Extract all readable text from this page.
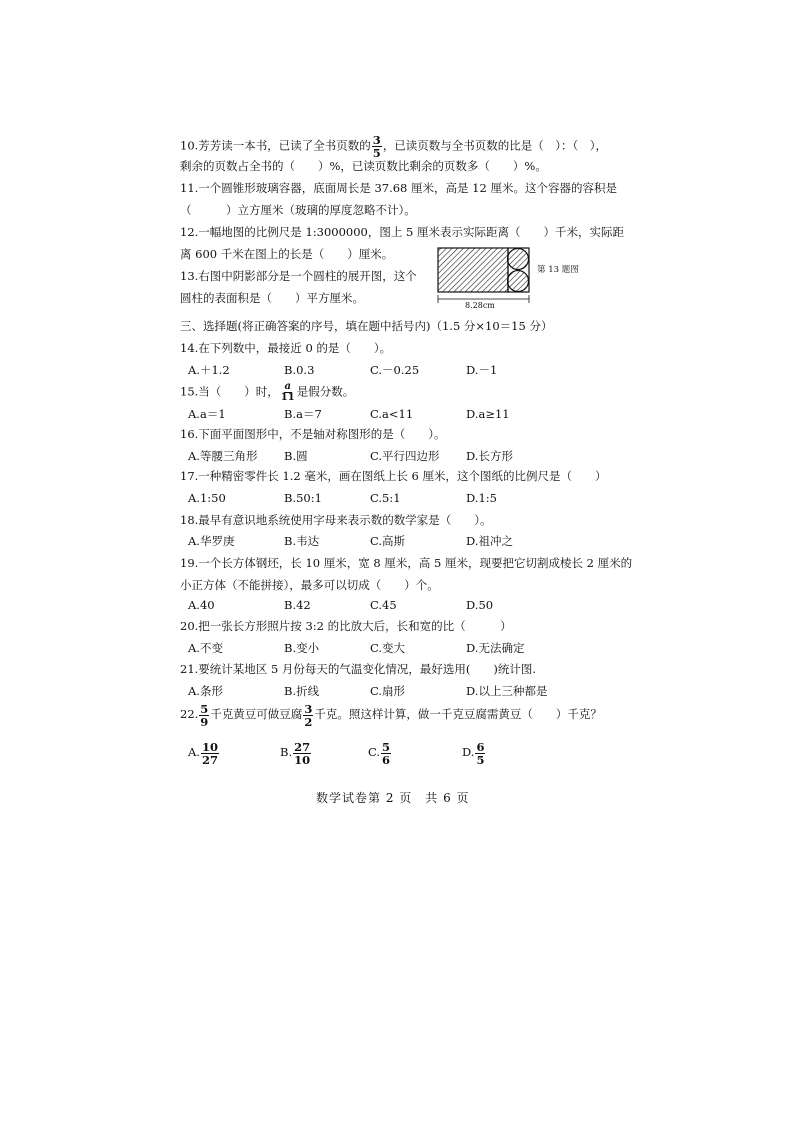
10.芳芳读一本书，已读了全书页数的 $\frac{3}{5}$ ，已读页数与全书页数的比是（　）：（　），
剩余的页数占全书的（　　）%，已读页数比剩余的页数多（　　）%。
11.一个圆锥形玻璃容器，底面周长是 37.68 厘米，高是 12 厘米。这个容器的容积是
（　　　）立方厘米（玻璃的厚度忽略不计）。
12.一幅地图的比例尺是 1:3000000，图上 5 厘米表示实际距离（　　）千米，实际距
离 600 千米在图上的长是（　　）厘米。
13.右图中阴影部分是一个圆柱的展开图，这个
圆柱的表面积是（　　）平方厘米。
8.28cm
第 13 题图
三、选择题(将正确答案的序号，填在题中括号内)（1.5 分×10＝15 分）
14.在下列数中，最接近 0 的是（　　）。
A.＋1.2	B.0.3	C.－0.25	D.－1
15.当（　　）时， $\frac{a}{11}$ 是假分数。
A.a＝1	B.a＝7	C.a<11	D.a≥11
16.下面平面图形中，不是轴对称图形的是（　　）。
A.等腰三角形 B.圆	C.平行四边形 D.长方形
17.一种精密零件长 1.2 毫米，画在图纸上长 6 厘米，这个图纸的比例尺是（　　）
A.1:50	B.50:1	C.5:1	D.1:5
18.最早有意识地系统使用字母来表示数的数学家是（　　）。
A.华罗庚	B.韦达	C.高斯	D.祖冲之
19.一个长方体钢坯，长 10 厘米，宽 8 厘米，高 5 厘米，现要把它切割成棱长 2 厘米的
小正方体（不能拼接），最多可以切成（　　）个。
A.40	B.42	C.45	D.50
20.把一张长方形照片按 3:2 的比放大后，长和宽的比（　　　）
A.不变	B.变小	C.变大	D.无法确定
21.要统计某地区 5 月份每天的气温变化情况，最好选用(　　)统计图.
A.条形	B.折线	C.扇形	D.以上三种都是
22. $\frac{5}{9}$ 千克黄豆可做豆腐 $\frac{3}{2}$ 千克。照这样计算，做一千克豆腐需黄豆（　　）千克？
A. $\frac{10}{27}$	B. $\frac{27}{10}$	C. $\frac{5}{6}$	D. $\frac{6}{5}$
数学试卷第 2 页　共 6 页
